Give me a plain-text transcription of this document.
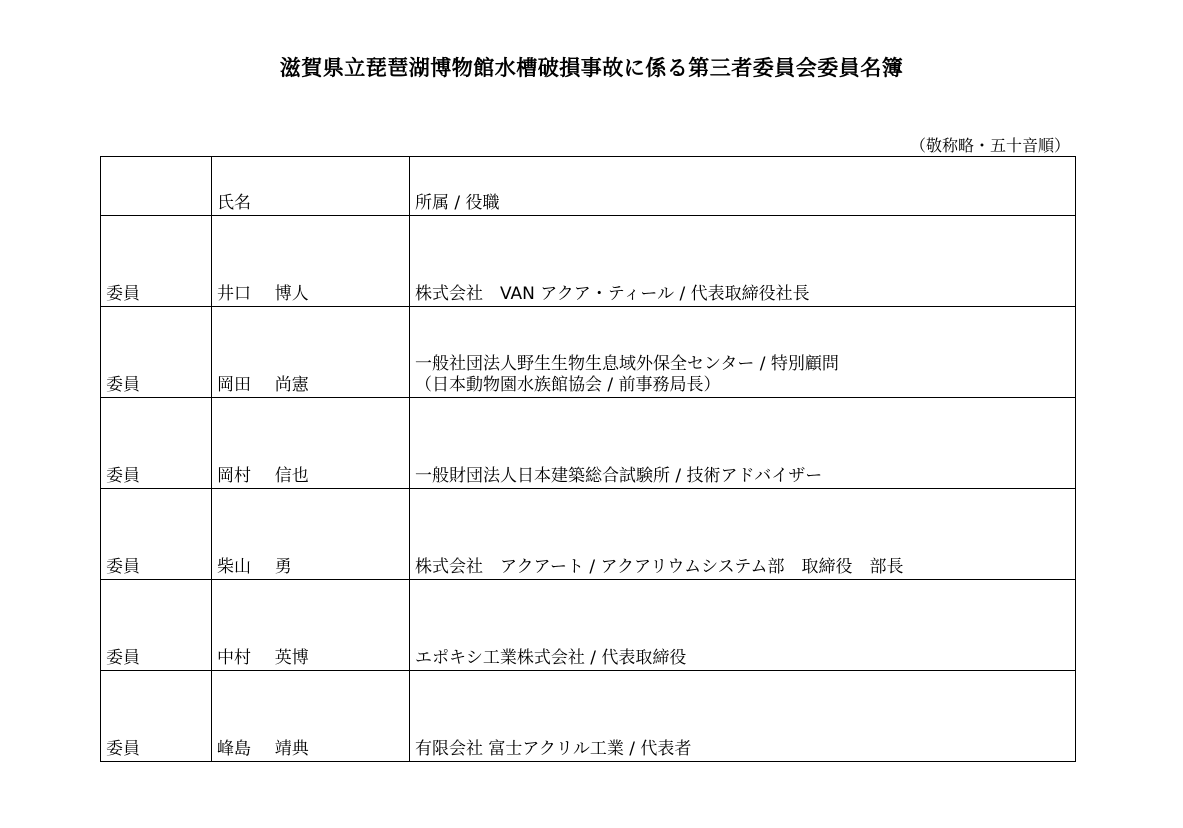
滋賀県立琵琶湖博物館水槽破損事故に係る第三者委員会委員名簿
（敬称略・五十音順）
	氏名	所属 / 役職
委員	井口 博人	株式会社　VAN アクア・ティール / 代表取締役社長

委員	岡田 尚憲	一般社団法人野生生物生息域外保全センター / 特別顧問
（日本動物園水族館協会 / 前事務局長）

委員	岡村 信也	一般財団法人日本建築総合試験所 / 技術アドバイザー

委員	柴山 勇	株式会社　アクアート / アクアリウムシステム部　取締役　部長

委員	中村 英博	エポキシ工業株式会社 / 代表取締役

委員	峰島 靖典	有限会社 富士アクリル工業 / 代表者
